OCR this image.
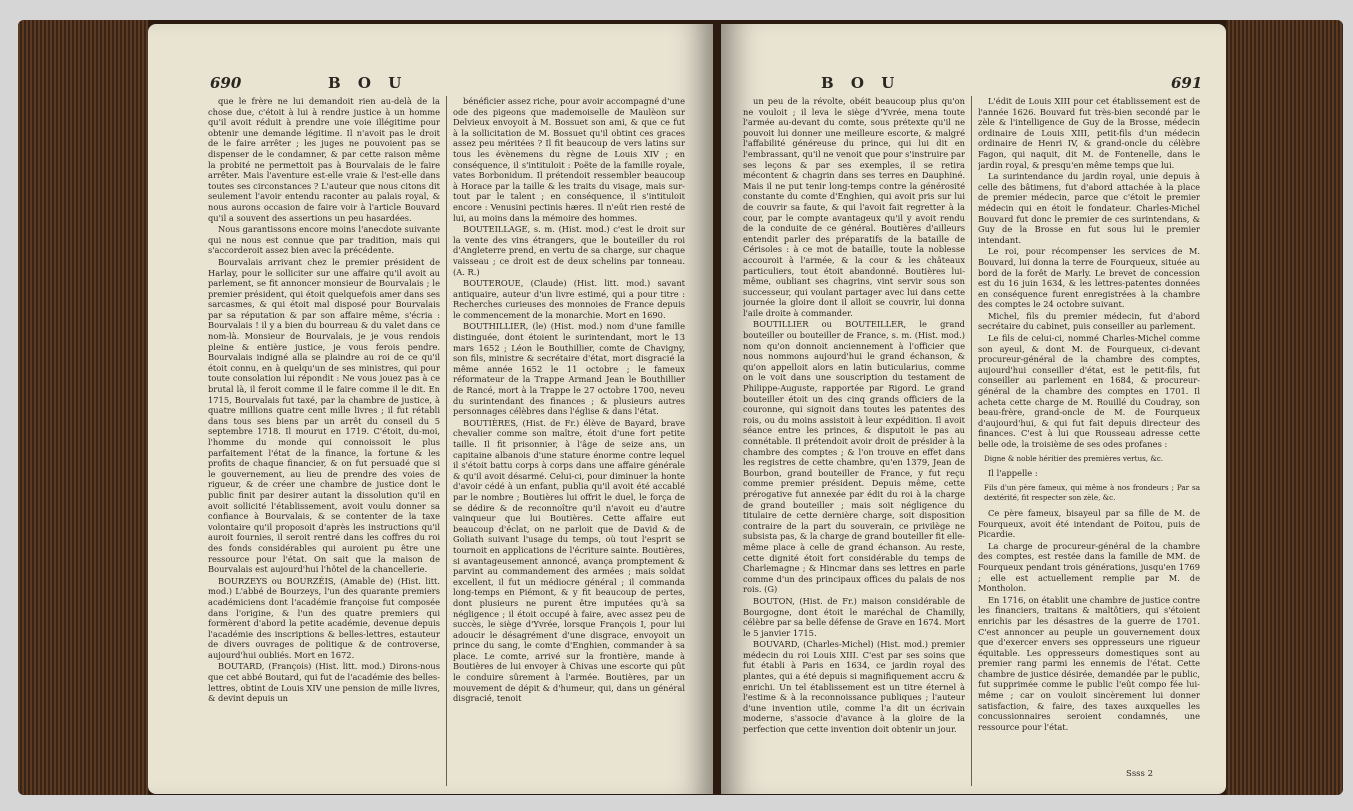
690	B O U

que le frère ne lui demandoit rien au-delà de la chose due, c'étoit à lui à rendre justice à un homme qu'il avoit réduit à prendre une voie illégitime pour obtenir une demande légitime. Il n'avoit pas le droit de le faire arrêter ; les juges ne pouvoient pas se dispenser de le condamner, & par cette raison même la probité ne permettoit pas à Bourvalais de le faire arrêter. Mais l'aventure est-elle vraie & l'est-elle dans toutes ses circonstances ? L'auteur que nous citons dit seulement l'avoir entendu raconter au palais royal, & nous aurons occasion de faire voir à l'article Bouvard qu'il a souvent des assertions un peu hasardées.

Nous garantissons encore moins l'anecdote suivante qui ne nous est connue que par tradition, mais qui s'accorderoit assez bien avec la précédente.

Bourvalais arrivant chez le premier président de Harlay, pour le solliciter sur une affaire qu'il avoit au parlement, se fit annoncer monsieur de Bourvalais ; le premier président, qui étoit quelquefois amer dans ses sarcasmes, & qui étoit mal disposé pour Bourvalais par sa réputation & par son affaire même, s'écria : Bourvalais ! il y a bien du bourreau & du valet dans ce nom-là. Monsieur de Bourvalais, je je vous rendois pleine & entière justice, je vous ferois pendre. Bourvalais indigné alla se plaindre au roi de ce qu'il étoit connu, en à quelqu'un de ses ministres, qui pour toute consolation lui répondit : Ne vous jouez pas à ce brutal là, il feroit comme il le faire comme il le dit. En 1715, Bourvalais fut taxé, par la chambre de justice, à quatre millions quatre cent mille livres ; il fut rétabli dans tous ses biens par un arrêt du conseil du 5 septembre 1718. Il mourut en 1719. C'étoit, du-moi, l'homme du monde qui connoissoit le plus parfaitement l'état de la finance, la fortune & les profits de chaque financier, & on fut persuadé que si le gouvernement, au lieu de prendre des voies de rigueur, & de créer une chambre de justice dont le public finit par desirer autant la dissolution qu'il en avoit sollicité l'établissement, avoit voulu donner sa confiance à Bourvalais, & se contenter de la taxe volontaire qu'il proposoit d'après les instructions qu'il auroit fournies, il seroit rentré dans les coffres du roi des fonds considérables qui auroient pu être une ressource pour l'état. On sait que la maison de Bourvalais est aujourd'hui l'hôtel de la chancellerie.

BOURZEYS ou BOURZÉIS, (Amable de) (Hist. litt. mod.) L'abbé de Bourzeys, l'un des quarante premiers académiciens dont l'académie françoise fut composée dans l'origine, & l'un des quatre premiers qui formèrent d'abord la petite académie, devenue depuis l'académie des inscriptions & belles-lettres, estauteur de divers ouvrages de politique & de controverse, aujourd'hui oubliés. Mort en 1672.

BOUTARD, (François) (Hist. litt. mod.) Dirons-nous que cet abbé Boutard, qui fut de l'académie des belles-lettres, obtint de Louis XIV une pension de mille livres, & devint depuis un

bénéficier assez riche, pour avoir accompagné d'une ode des pigeons que mademoiselle de Maulèon sur Delvieux envoyoit à M. Bossuet son ami, & que ce fut à la sollicitation de M. Bossuet qu'il obtint ces graces assez peu méritées ? Il fit beaucoup de vers latins sur tous les évènemens du règne de Louis XIV ; en conséquence, il s'intituloit : Poëte de la famille royale, vates Borbonidum. Il prétendoit ressembler beaucoup à Horace par la taille & les traits du visage, mais sur-tout par le talent ; en conséquence, il s'intituloit encore : Venusini pectinis hæres. Il n'eût rien resté de lui, au moins dans la mémoire des hommes.

BOUTEILLAGE, s. m. (Hist. mod.) c'est le droit sur la vente des vins étrangers, que le bouteiller du roi d'Angleterre prend, en vertu de sa charge, sur chaque vaisseau ; ce droit est de deux schelins par tonneau. (A. R.)

BOUTEROUE, (Claude) (Hist. litt. mod.) savant antiquaire, auteur d'un livre estimé, qui a pour titre : Recherches curieuses des monnoies de France depuis le commencement de la monarchie. Mort en 1690.

BOUTHILLIER, (le) (Hist. mod.) nom d'une famille distinguée, dont étoient le surintendant, mort le 13 mars 1652 ; Léon le Bouthillier, comte de Chavigny, son fils, ministre & secrétaire d'état, mort disgracié la même année 1652 le 11 octobre ; le fameux réformateur de la Trappe Armand Jean le Bouthillier de Rancé, mort à la Trappe le 27 octobre 1700, neveu du surintendant des finances ; & plusieurs autres personnages célèbres dans l'église & dans l'état.

BOUTIÈRES, (Hist. de Fr.) élève de Bayard, brave chevalier comme son maître, étoit d'une fort petite taille. Il fit prisonnier, à l'âge de seize ans, un capitaine albanois d'une stature énorme contre lequel il s'étoit battu corps à corps dans une affaire générale & qu'il avoit désarmé. Celui-ci, pour diminuer la honte d'avoir cédé à un enfant, publia qu'il avoit été accablé par le nombre ; Boutières lui offrit le duel, le força de se dédire & de reconnoître qu'il n'avoit eu d'autre vainqueur que lui Boutières. Cette affaire eut beaucoup d'éclat, on ne parloit que de David & de Goliath suivant l'usage du temps, où tout l'esprit se tournoit en applications de l'écriture sainte. Boutières, si avantageusement annoncé, avança promptement & parvint au commandement des armées ; mais soldat excellent, il fut un médiocre général ; il commanda long-temps en Piémont, & y fit beaucoup de pertes, dont plusieurs ne purent être imputées qu'à sa négligence ; il étoit occupé à faire, avec assez peu de succès, le siège d'Yvrée, lorsque François I, pour lui adoucir le désagrément d'une disgrace, envoyoit un prince du sang, le comte d'Enghien, commander à sa place. Le comte, arrivé sur la frontière, mande à Boutières de lui envoyer à Chivas une escorte qui pût le conduire sûrement à l'armée. Boutières, par un mouvement de dépit & d'humeur, qui, dans un général disgracié, tenoit

B O U	691

un peu de la révolte, obéit beaucoup plus qu'on ne vouloit ; il leva le siège d'Yvrée, mena toute l'armée au-devant du comte, sous prétexte qu'il ne pouvoit lui donner une meilleure escorte, & malgré l'affabilité généreuse du prince, qui lui dit en l'embrassant, qu'il ne venoit que pour s'instruire par ses leçons & par ses exemples, il se retira mécontent & chagrin dans ses terres en Dauphiné. Mais il ne put tenir long-temps contre la générosité constante du comte d'Enghien, qui avoit pris sur lui de couvrir sa faute, & qui l'avoit fait regretter à la cour, par le compte avantageux qu'il y avoit rendu de la conduite de ce général. Boutières d'ailleurs entendit parler des préparatifs de la bataille de Cérisoles : à ce mot de bataille, toute la noblesse accouroit à l'armée, & la cour & les châteaux particuliers, tout étoit abandonné. Boutières lui-même, oubliant ses chagrins, vint servir sous son successeur, qui voulant partager avec lui dans cette journée la gloire dont il alloit se couvrir, lui donna l'aile droite à commander.

BOUTILLIER ou BOUTEILLER, le grand bouteiller ou bouteiller de France, s. m. (Hist. mod.) nom qu'on donnoit anciennement à l'officier que nous nommons aujourd'hui le grand échanson, & qu'on appelloit alors en latin buticularius, comme on le voit dans une souscription du testament de Philippe-Auguste, rapportée par Rigord. Le grand bouteiller étoit un des cinq grands officiers de la couronne, qui signoit dans toutes les patentes des rois, ou du moins assistoit à leur expédition. Il avoit séance entre les princes, & disputoit le pas au connétable. Il prétendoit avoir droit de présider à la chambre des comptes ; & l'on trouve en effet dans les registres de cette chambre, qu'en 1379, Jean de Bourbon, grand bouteiller de France, y fut reçu comme premier président. Depuis même, cette prérogative fut annexée par édit du roi à la charge de grand bouteiller ; mais soit négligence du titulaire de cette dernière charge, soit disposition contraire de la part du souverain, ce privilège ne subsista pas, & la charge de grand bouteiller fit elle-même place à celle de grand échanson. Au reste, cette dignité étoit fort considérable du temps de Charlemagne ; & Hincmar dans ses lettres en parle comme d'un des principaux offices du palais de nos rois. (G)

BOUTON, (Hist. de Fr.) maison considérable de Bourgogne, dont étoit le maréchal de Chamilly, célèbre par sa belle défense de Grave en 1674. Mort le 5 janvier 1715.

BOUVARD, (Charles-Michel) (Hist. mod.) premier médecin du roi Louis XIII. C'est par ses soins que fut établi à Paris en 1634, ce jardin royal des plantes, qui a été depuis si magnifiquement accru & enrichi. Un tel établissement est un titre éternel à l'estime & à la reconnoissance publiques ; l'auteur d'une invention utile, comme l'a dit un écrivain moderne, s'associe d'avance à la gloire de la perfection que cette invention doit obtenir un jour.

L'édit de Louis XIII pour cet établissement est de l'année 1626. Bouvard fut très-bien secondé par le zèle & l'intelligence de Guy de la Brosse, médecin ordinaire de Louis XIII, petit-fils d'un médecin ordinaire de Henri IV, & grand-oncle du célèbre Fagon, qui naquit, dit M. de Fontenelle, dans le jardin royal, & presqu'en même temps que lui.

La surintendance du jardin royal, unie depuis à celle des bâtimens, fut d'abord attachée à la place de premier médecin, parce que c'étoit le premier médecin qui en étoit le fondateur. Charles-Michel Bouvard fut donc le premier de ces surintendans, & Guy de la Brosse en fut sous lui le premier intendant.

Le roi, pour récompenser les services de M. Bouvard, lui donna la terre de Fourqueux, située au bord de la forêt de Marly. Le brevet de concession est du 16 juin 1634, & les lettres-patentes données en conséquence furent enregistrées à la chambre des comptes le 24 octobre suivant.

Michel, fils du premier médecin, fut d'abord secrétaire du cabinet, puis conseiller au parlement.

Le fils de celui-ci, nommé Charles-Michel comme son ayeul, & dont M. de Fourqueux, ci-devant procureur-général de la chambre des comptes, aujourd'hui conseiller d'état, est le petit-fils, fut conseiller au parlement en 1684, & procureur-général de la chambre des comptes en 1701. Il acheta cette charge de M. Rouillé du Coudray, son beau-frère, grand-oncle de M. de Fourqueux d'aujourd'hui, & qui fut fait depuis directeur des finances. C'est à lui que Rousseau adresse cette belle ode, la troisième de ses odes profanes :

Digne & noble héritier des premières vertus, &c.

Il l'appelle :

Fils d'un père fameux, qui même à nos frondeurs ; Par sa dextérité, fit respecter son zèle, &c.

Ce père fameux, bisayeul par sa fille de M. de Fourqueux, avoit été intendant de Poitou, puis de Picardie.

La charge de procureur-général de la chambre des comptes, est restée dans la famille de MM. de Fourqueux pendant trois générations, jusqu'en 1769 ; elle est actuellement remplie par M. de Montholon.

En 1716, on établit une chambre de justice contre les financiers, traitans & maltôtiers, qui s'étoient enrichis par les désastres de la guerre de 1701. C'est annoncer au peuple un gouvernement doux que d'exercer envers ses oppresseurs une rigueur équitable. Les oppresseurs domestiques sont au premier rang parmi les ennemis de l'état. Cette chambre de justice désirée, demandée par le public, fut supprimée comme le public l'eût compo fée lui-même ; car on vouloit sincèrement lui donner satisfaction, & faire, des taxes auxquelles les concussionnaires seroient condamnés, une ressource pour l'état.

Ssss 2
